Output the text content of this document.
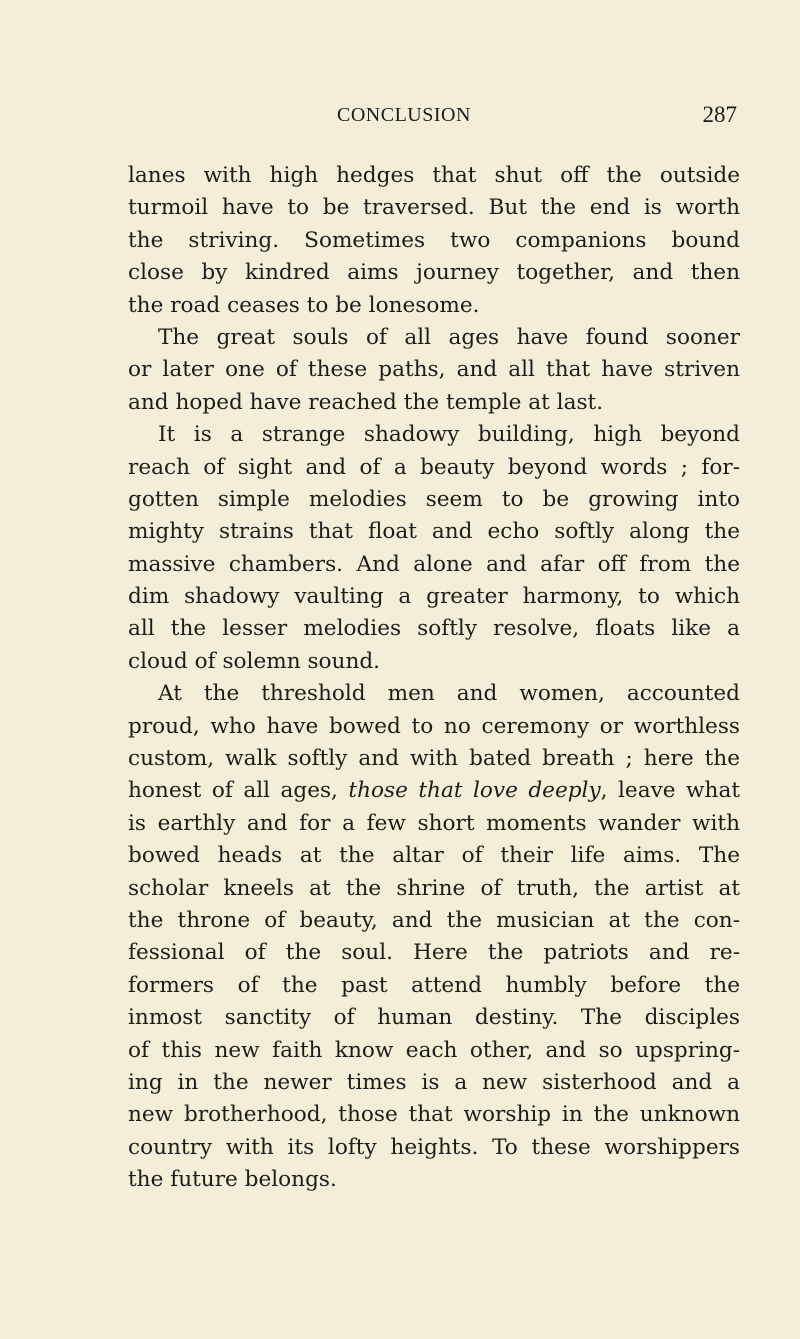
CONCLUSION	287
lanes with high hedges that shut off the outside
turmoil have to be traversed. But the end is worth
the striving. Sometimes two companions bound
close by kindred aims journey together, and then
the road ceases to be lonesome.
The great souls of all ages have found sooner
or later one of these paths, and all that have striven
and hoped have reached the temple at last.
It is a strange shadowy building, high beyond
reach of sight and of a beauty beyond words ; for-
gotten simple melodies seem to be growing into
mighty strains that float and echo softly along the
massive chambers. And alone and afar off from the
dim shadowy vaulting a greater harmony, to which
all the lesser melodies softly resolve, floats like a
cloud of solemn sound.
At the threshold men and women, accounted
proud, who have bowed to no ceremony or worthless
custom, walk softly and with bated breath ; here the
honest of all ages, those that love deeply, leave what
is earthly and for a few short moments wander with
bowed heads at the altar of their life aims. The
scholar kneels at the shrine of truth, the artist at
the throne of beauty, and the musician at the con-
fessional of the soul. Here the patriots and re-
formers of the past attend humbly before the
inmost sanctity of human destiny. The disciples
of this new faith know each other, and so upspring-
ing in the newer times is a new sisterhood and a
new brotherhood, those that worship in the unknown
country with its lofty heights. To these worshippers
the future belongs.
